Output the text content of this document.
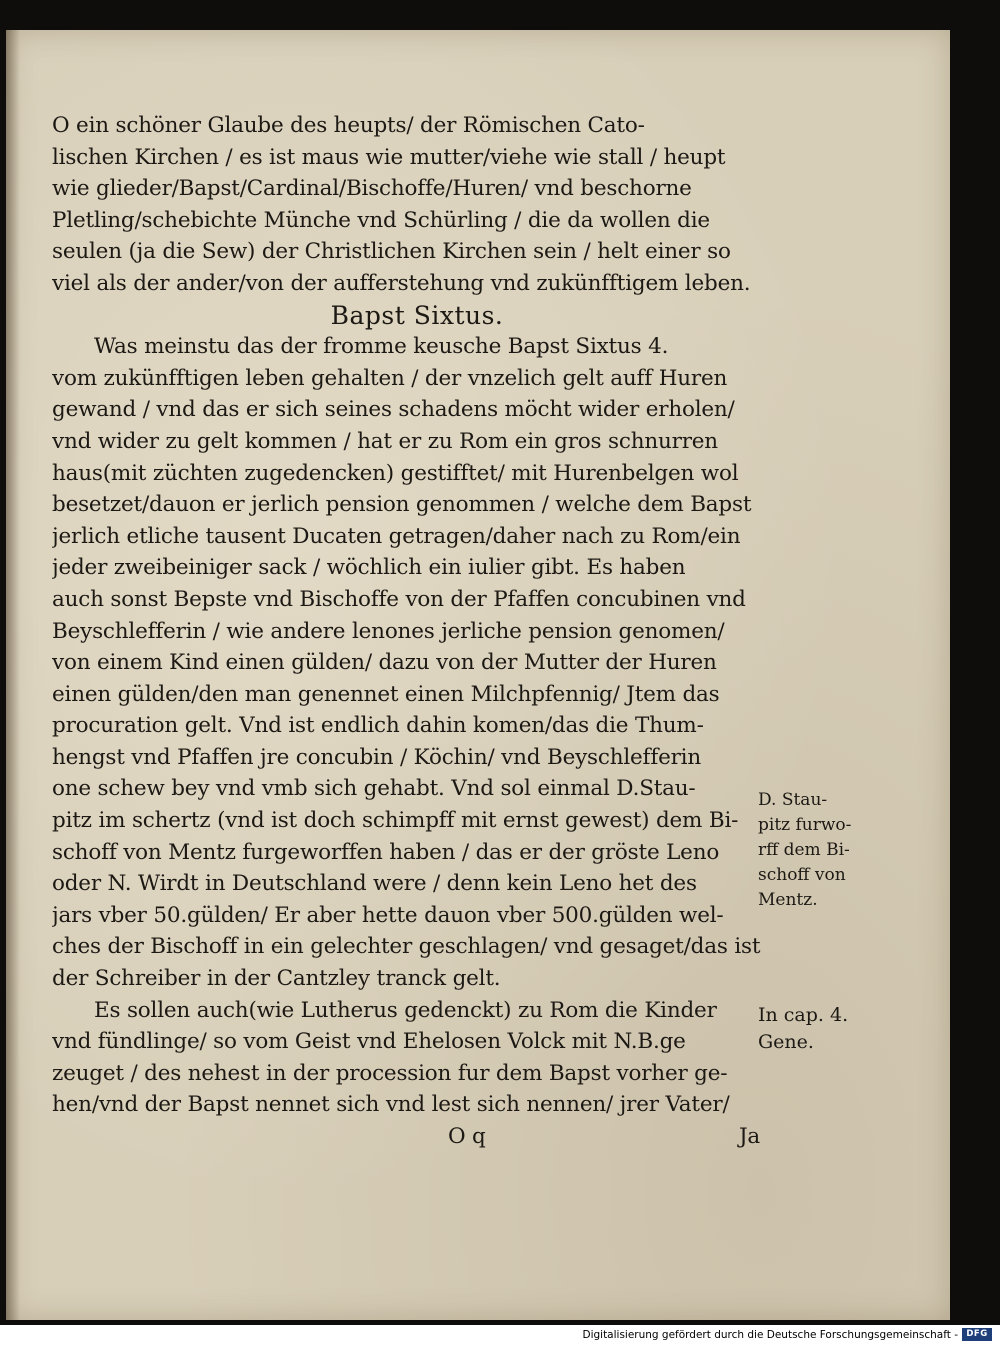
O ein schöner Glaube des heupts/ der Römischen Cato-
lischen Kirchen / es ist maus wie mutter/viehe wie stall / heupt
wie glieder/Bapst/Cardinal/Bischoffe/Huren/ vnd beschorne
Pletling/schebichte Münche vnd Schürling / die da wollen die
seulen (ja die Sew) der Christlichen Kirchen sein / helt einer so
viel als der ander/von der aufferstehung vnd zukünfftigem leben.
Bapst Sixtus.
Was meinstu das der fromme keusche Bapst Sixtus 4.
vom zukünfftigen leben gehalten / der vnzelich gelt auff Huren
gewand / vnd das er sich seines schadens möcht wider erholen/
vnd wider zu gelt kommen / hat er zu Rom ein gros schnurren
haus(mit züchten zugedencken) gestifftet/ mit Hurenbelgen wol
besetzet/dauon er jerlich pension genommen / welche dem Bapst
jerlich etliche tausent Ducaten getragen/daher nach zu Rom/ein
jeder zweibeiniger sack / wöchlich ein iulier gibt. Es haben
auch sonst Bepste vnd Bischoffe von der Pfaffen concubinen vnd
Beyschlefferin / wie andere lenones jerliche pension genomen/
von einem Kind einen gülden/ dazu von der Mutter der Huren
einen gülden/den man genennet einen Milchpfennig/ Jtem das
procuration gelt. Vnd ist endlich dahin komen/das die Thum-
hengst vnd Pfaffen jre concubin / Köchin/ vnd Beyschlefferin
one schew bey vnd vmb sich gehabt. Vnd sol einmal D.Stau-
pitz im schertz (vnd ist doch schimpff mit ernst gewest) dem Bi-
schoff von Mentz furgeworffen haben / das er der gröste Leno
oder N. Wirdt in Deutschland were / denn kein Leno het des
jars vber 50.gülden/ Er aber hette dauon vber 500.gülden wel-
ches der Bischoff in ein gelechter geschlagen/ vnd gesaget/das ist
der Schreiber in der Cantzley tranck gelt.
Es sollen auch(wie Lutherus gedenckt) zu Rom die Kinder
vnd fündlinge/ so vom Geist vnd Ehelosen Volck mit N.B.ge
zeuget / des nehest in der procession fur dem Bapst vorher ge-
hen/vnd der Bapst nennet sich vnd lest sich nennen/ jrer Vater/
O q	Ja
D. Stau-
pitz furwo-
rff dem Bi-
schoff von
Mentz.
In cap. 4.
Gene.
Digitalisierung gefördert durch die Deutsche Forschungsgemeinschaft - DFG
